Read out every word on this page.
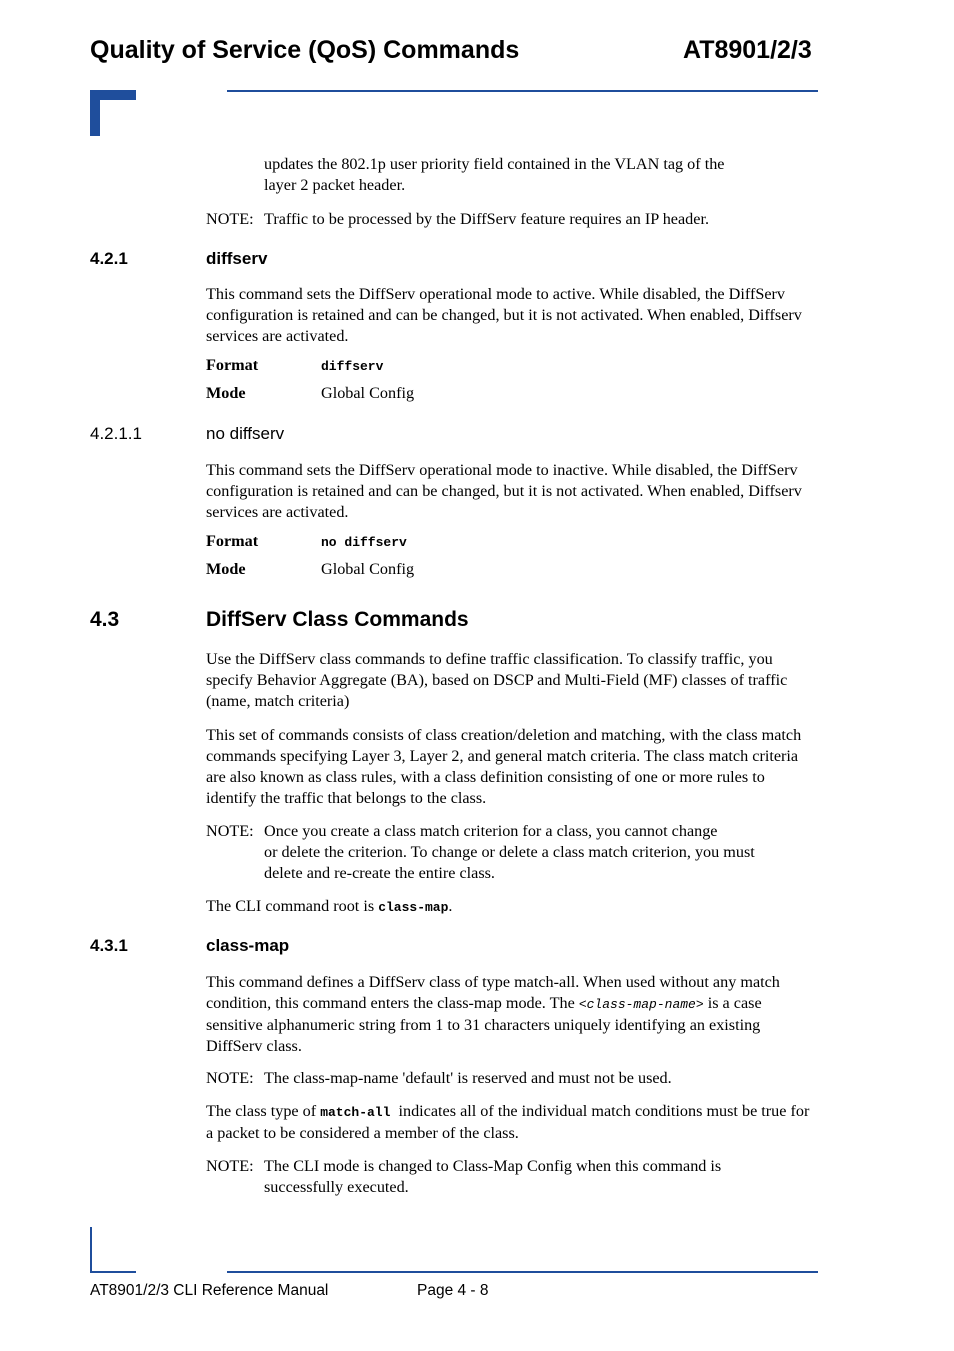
Quality of Service (QoS) Commands	AT8901/2/3
updates the 802.1p user priority field contained in the VLAN tag of the
layer 2 packet header.
NOTE: Traffic to be processed by the DiffServ feature requires an IP header.
4.2.1	diffserv
This command sets the DiffServ operational mode to active. While disabled, the DiffServ configuration is retained and can be changed, but it is not activated. When enabled, Diffserv services are activated.
Format	diffserv
Mode	Global Config
4.2.1.1	no diffserv
This command sets the DiffServ operational mode to inactive. While disabled, the DiffServ configuration is retained and can be changed, but it is not activated. When enabled, Diffserv services are activated.
Format	no diffserv
Mode	Global Config
4.3	DiffServ Class Commands
Use the DiffServ class commands to define traffic classification. To classify traffic, you specify Behavior Aggregate (BA), based on DSCP and Multi-Field (MF) classes of traffic (name, match criteria)
This set of commands consists of class creation/deletion and matching, with the class match commands specifying Layer 3, Layer 2, and general match criteria. The class match criteria are also known as class rules, with a class definition consisting of one or more rules to identify the traffic that belongs to the class.
NOTE: Once you create a class match criterion for a class, you cannot change
or delete the criterion. To change or delete a class match criterion, you must delete and re-create the entire class.
The CLI command root is class-map.
4.3.1	class-map
This command defines a DiffServ class of type match-all. When used without any match condition, this command enters the class-map mode. The <class-map-name> is a case sensitive alphanumeric string from 1 to 31 characters uniquely identifying an existing DiffServ class.
NOTE: The class-map-name 'default' is reserved and must not be used.
The class type of match-all  indicates all of the individual match conditions must be true for a packet to be considered a member of the class.
NOTE: The CLI mode is changed to Class-Map Config when this command is
successfully executed.
AT8901/2/3 CLI Reference Manual	Page 4 - 8
